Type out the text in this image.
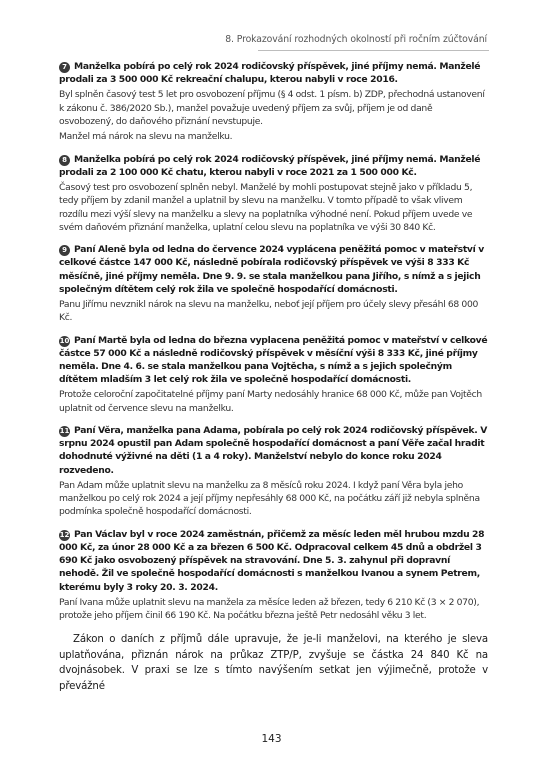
8. Prokazování rozhodných okolností při ročním zúčtování

7 Manželka pobírá po celý rok 2024 rodičovský příspěvek, jiné příjmy nemá. Manželé prodali za 3 500 000 Kč rekreační chalupu, kterou nabyli v roce 2016.

Byl splněn časový test 5 let pro osvobození příjmu (§ 4 odst. 1 písm. b) ZDP, přechodná ustanovení k zákonu č. 386/2020 Sb.), manžel považuje uvedený příjem za svůj, příjem je od daně osvobozený, do daňového přiznání nevstupuje.

Manžel má nárok na slevu na manželku.

8 Manželka pobírá po celý rok 2024 rodičovský příspěvek, jiné příjmy nemá. Manželé prodali za 2 100 000 Kč chatu, kterou nabyli v roce 2021 za 1 500 000 Kč.

Časový test pro osvobození splněn nebyl. Manželé by mohli postupovat stejně jako v příkladu 5, tedy příjem by zdanil manžel a uplatnil by slevu na manželku. V tomto případě to však vlivem rozdílu mezi výší slevy na manželku a slevy na poplatníka výhodné není. Pokud příjem uvede ve svém daňovém přiznání manželka, uplatní celou slevu na poplatníka ve výši 30 840 Kč.

9 Paní Aleně byla od ledna do července 2024 vyplácena peněžitá pomoc v mateřství v celkové částce 147 000 Kč, následně pobírala rodičovský příspěvek ve výši 8 333 Kč měsíčně, jiné příjmy neměla. Dne 9. 9. se stala manželkou pana Jiřího, s nímž a s jejich společným dítětem celý rok žila ve společně hospodařící domácnosti.

Panu Jiřímu nevznikl nárok na slevu na manželku, neboť její příjem pro účely slevy přesáhl 68 000 Kč.

10 Paní Martě byla od ledna do března vyplacena peněžitá pomoc v mateřství v celkové částce 57 000 Kč a následně rodičovský příspěvek v měsíční výši 8 333 Kč, jiné příjmy neměla. Dne 4. 6. se stala manželkou pana Vojtěcha, s nímž a s jejich společným dítětem mladším 3 let celý rok žila ve společně hospodařící domácnosti.

Protože celoroční započitatelné příjmy paní Marty nedosáhly hranice 68 000 Kč, může pan Vojtěch uplatnit od července slevu na manželku.

11 Paní Věra, manželka pana Adama, pobírala po celý rok 2024 rodičovský příspěvek. V srpnu 2024 opustil pan Adam společně hospodařící domácnost a paní Věře začal hradit dohodnuté výživné na děti (1 a 4 roky). Manželství nebylo do konce roku 2024 rozvedeno.

Pan Adam může uplatnit slevu na manželku za 8 měsíců roku 2024. I když paní Věra byla jeho manželkou po celý rok 2024 a její příjmy nepřesáhly 68 000 Kč, na počátku září již nebyla splněna podmínka společně hospodařící domácnosti.

12 Pan Václav byl v roce 2024 zaměstnán, přičemž za měsíc leden měl hrubou mzdu 28 000 Kč, za únor 28 000 Kč a za březen 6 500 Kč. Odpracoval celkem 45 dnů a obdržel 3 690 Kč jako osvobozený příspěvek na stravování. Dne 5. 3. zahynul při dopravní nehodě. Žil ve společně hospodařící domácnosti s manželkou Ivanou a synem Petrem, kterému byly 3 roky 20. 3. 2024.

Paní Ivana může uplatnit slevu na manžela za měsíce leden až březen, tedy 6 210 Kč (3 × 2 070), protože jeho příjem činil 66 190 Kč. Na počátku března ještě Petr nedosáhl věku 3 let.

Zákon o daních z příjmů dále upravuje, že je-li manželovi, na kterého je sleva uplatňována, přiznán nárok na průkaz ZTP/P, zvyšuje se částka 24 840 Kč na dvojnásobek. V praxi se lze s tímto navýšením setkat jen výjimečně, protože v převážné

143
